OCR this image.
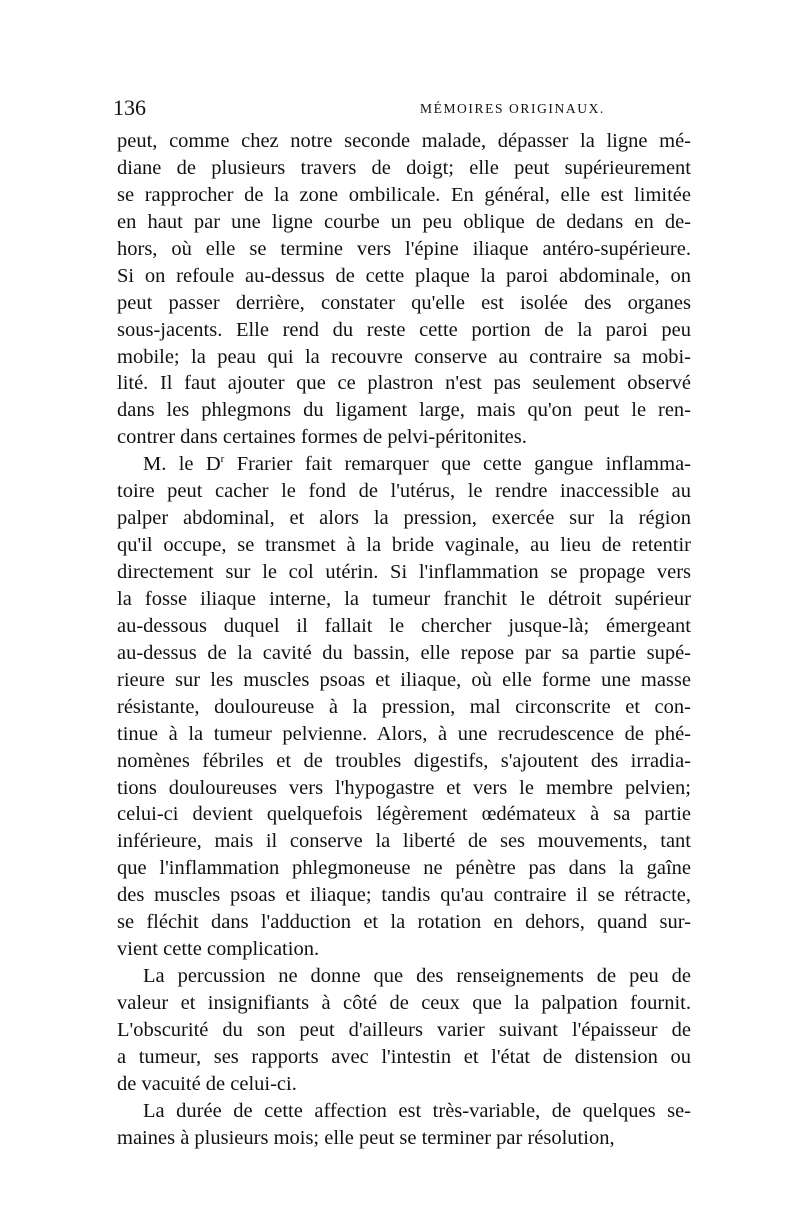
136	MÉMOIRES ORIGINAUX.
peut, comme chez notre seconde malade, dépasser la ligne mé-
diane de plusieurs travers de doigt; elle peut supérieurement
se rapprocher de la zone ombilicale. En général, elle est limitée
en haut par une ligne courbe un peu oblique de dedans en de-
hors, où elle se termine vers l'épine iliaque antéro-supérieure.
Si on refoule au-dessus de cette plaque la paroi abdominale, on
peut passer derrière, constater qu'elle est isolée des organes
sous-jacents. Elle rend du reste cette portion de la paroi peu
mobile; la peau qui la recouvre conserve au contraire sa mobi-
lité. Il faut ajouter que ce plastron n'est pas seulement observé
dans les phlegmons du ligament large, mais qu'on peut le ren-
contrer dans certaines formes de pelvi-péritonites.
M. le $D^r$ Frarier fait remarquer que cette gangue inflamma-
toire peut cacher le fond de l'utérus, le rendre inaccessible au
palper abdominal, et alors la pression, exercée sur la région
qu'il occupe, se transmet à la bride vaginale, au lieu de retentir
directement sur le col utérin. Si l'inflammation se propage vers
la fosse iliaque interne, la tumeur franchit le détroit supérieur
au-dessous duquel il fallait le chercher jusque-là; émergeant
au-dessus de la cavité du bassin, elle repose par sa partie supé-
rieure sur les muscles psoas et iliaque, où elle forme une masse
résistante, douloureuse à la pression, mal circonscrite et con-
tinue à la tumeur pelvienne. Alors, à une recrudescence de phé-
nomènes fébriles et de troubles digestifs, s'ajoutent des irradia-
tions douloureuses vers l'hypogastre et vers le membre pelvien;
celui-ci devient quelquefois légèrement œdémateux à sa partie
inférieure, mais il conserve la liberté de ses mouvements, tant
que l'inflammation phlegmoneuse ne pénètre pas dans la gaîne
des muscles psoas et iliaque; tandis qu'au contraire il se rétracte,
se fléchit dans l'adduction et la rotation en dehors, quand sur-
vient cette complication.
La percussion ne donne que des renseignements de peu de
valeur et insignifiants à côté de ceux que la palpation fournit.
L'obscurité du son peut d'ailleurs varier suivant l'épaisseur de
a tumeur, ses rapports avec l'intestin et l'état de distension ou
de vacuité de celui-ci.
La durée de cette affection est très-variable, de quelques se-
maines à plusieurs mois; elle peut se terminer par résolution,
